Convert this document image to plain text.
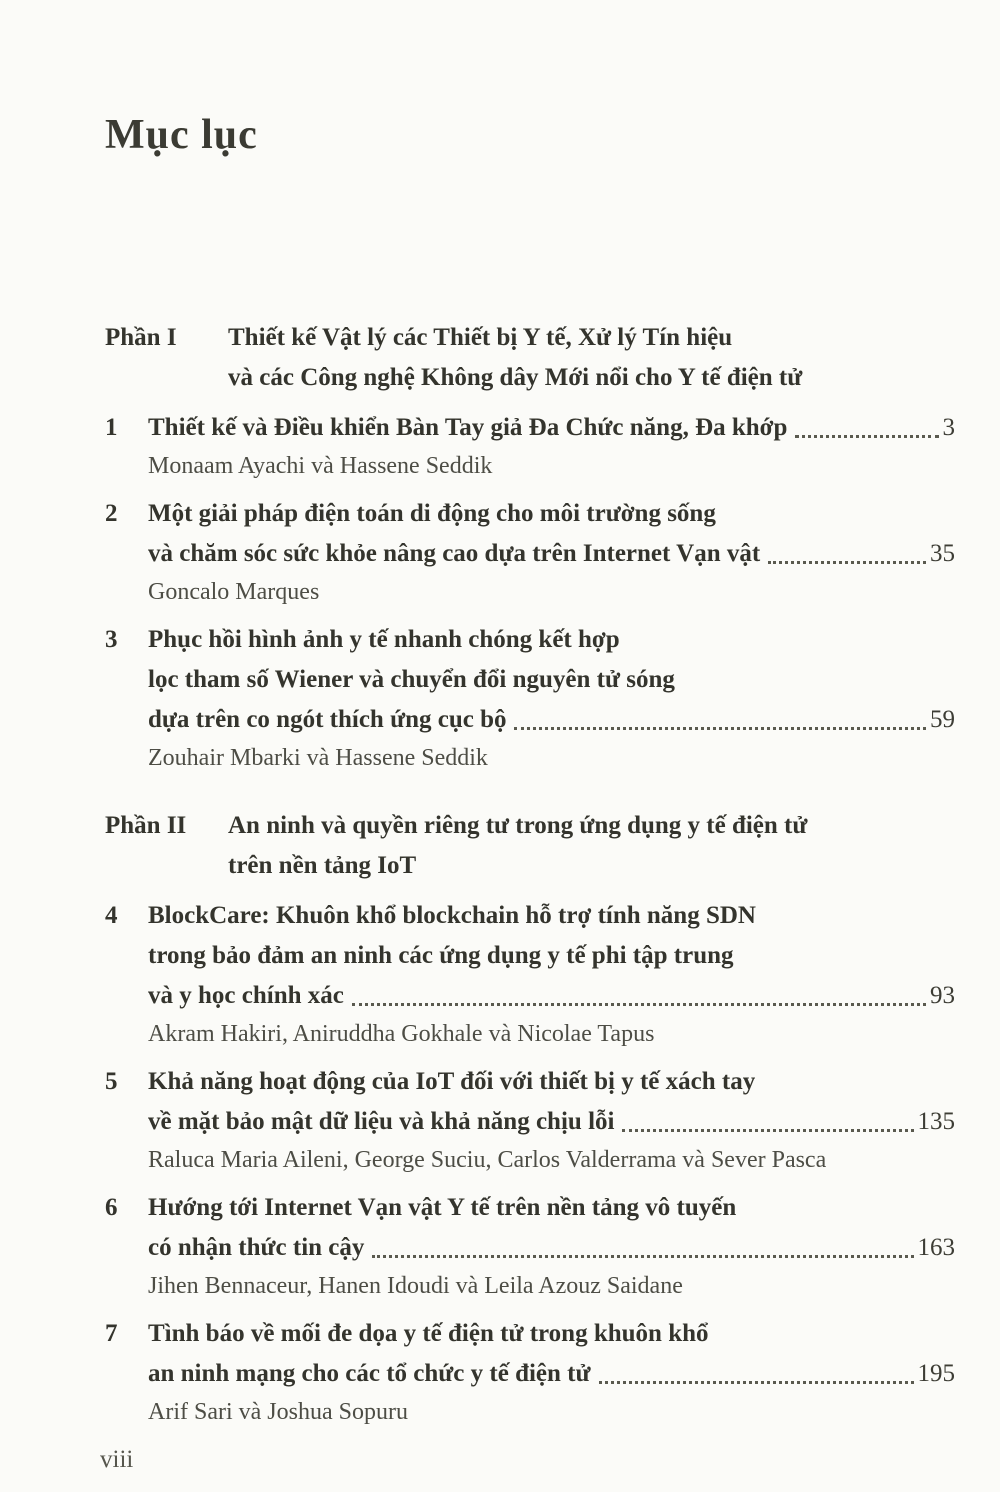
Mục lục
Phần I	Thiết kế Vật lý các Thiết bị Y tế, Xử lý Tín hiệu
và các Công nghệ Không dây Mới nổi cho Y tế điện tử
1	Thiết kế và Điều khiển Bàn Tay giả Đa Chức năng, Đa khớp	3
Monaam Ayachi và Hassene Seddik
2	Một giải pháp điện toán di động cho môi trường sống
và chăm sóc sức khỏe nâng cao dựa trên Internet Vạn vật	35
Goncalo Marques
3	Phục hồi hình ảnh y tế nhanh chóng kết hợp
lọc tham số Wiener và chuyển đổi nguyên tử sóng
dựa trên co ngót thích ứng cục bộ	59
Zouhair Mbarki và Hassene Seddik
Phần II	An ninh và quyền riêng tư trong ứng dụng y tế điện tử
trên nền tảng IoT
4	BlockCare: Khuôn khổ blockchain hỗ trợ tính năng SDN
trong bảo đảm an ninh các ứng dụng y tế phi tập trung
và y học chính xác	93
Akram Hakiri, Aniruddha Gokhale và Nicolae Tapus
5	Khả năng hoạt động của IoT đối với thiết bị y tế xách tay
về mặt bảo mật dữ liệu và khả năng chịu lỗi	135
Raluca Maria Aileni, George Suciu, Carlos Valderrama và Sever Pasca
6	Hướng tới Internet Vạn vật Y tế trên nền tảng vô tuyến
có nhận thức tin cậy	163
Jihen Bennaceur, Hanen Idoudi và Leila Azouz Saidane
7	Tình báo về mối đe dọa y tế điện tử trong khuôn khổ
an ninh mạng cho các tổ chức y tế điện tử	195
Arif Sari và Joshua Sopuru
viii
